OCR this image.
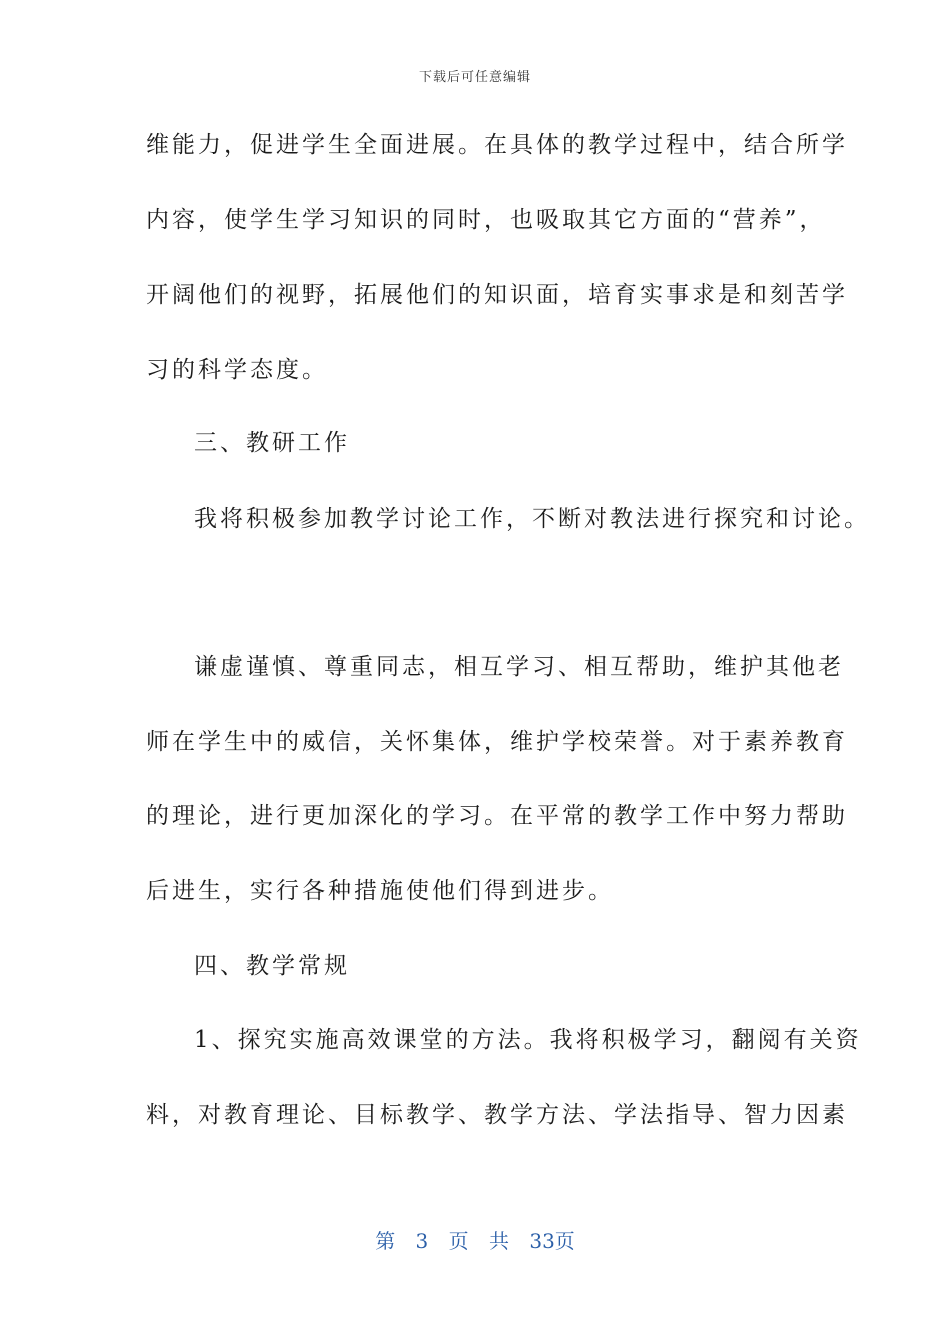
下载后可任意编辑
维能力，促进学生全面进展。在具体的教学过程中，结合所学
内容，使学生学习知识的同时，也吸取其它方面的“营养”，
开阔他们的视野，拓展他们的知识面，培育实事求是和刻苦学
习的科学态度。
三、教研工作
我将积极参加教学讨论工作，不断对教法进行探究和讨论。
谦虚谨慎、尊重同志，相互学习、相互帮助，维护其他老
师在学生中的威信，关怀集体，维护学校荣誉。对于素养教育
的理论，进行更加深化的学习。在平常的教学工作中努力帮助
后进生，实行各种措施使他们得到进步。
四、教学常规
1、探究实施高效课堂的方法。我将积极学习，翻阅有关资
料，对教育理论、目标教学、教学方法、学法指导、智力因素
第 3 页 共 33页
